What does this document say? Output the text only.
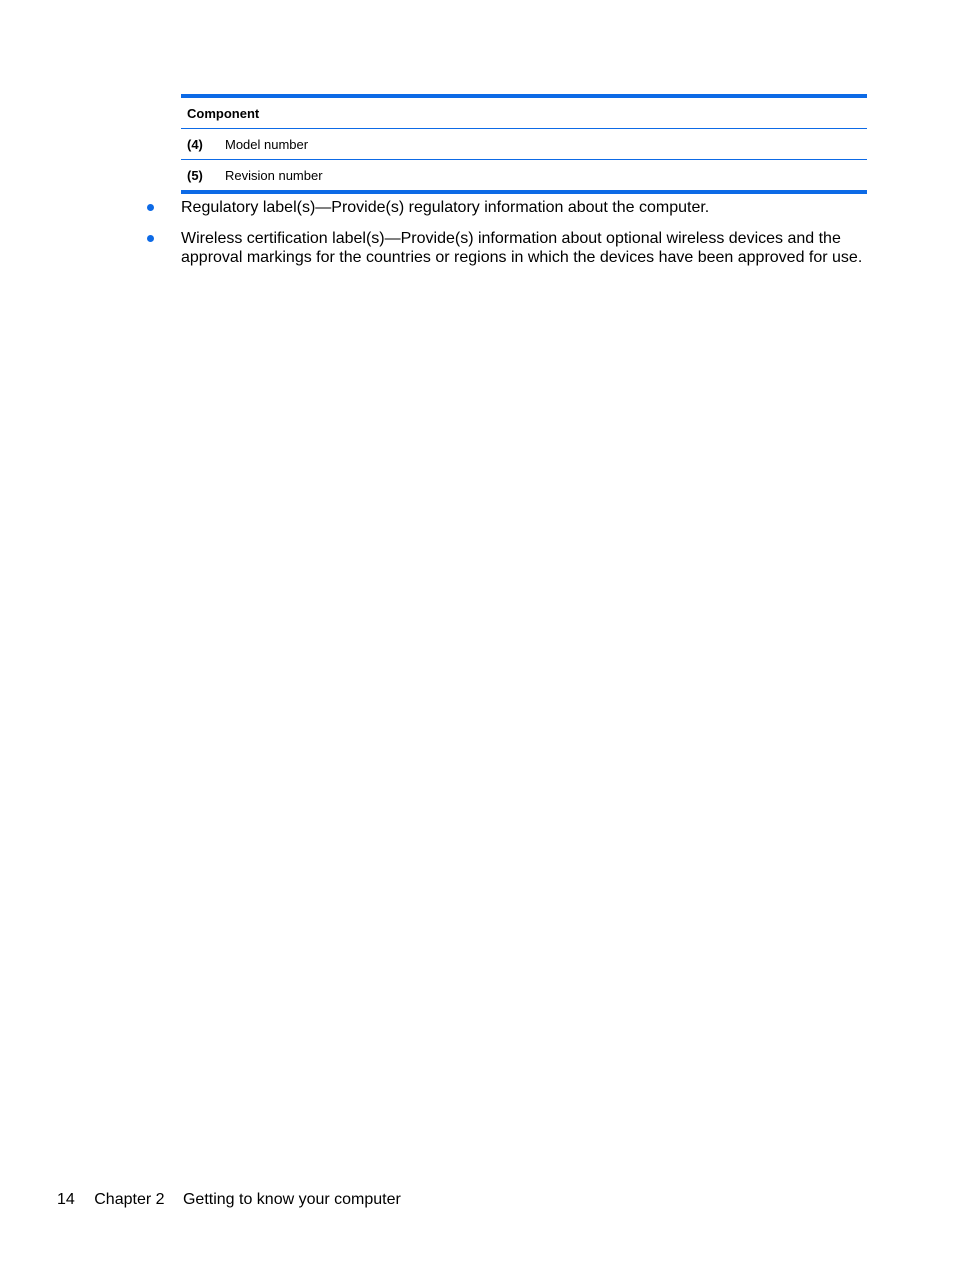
Component
(4)	Model number
(5)	Revision number
Regulatory label(s)—Provide(s) regulatory information about the computer.
Wireless certification label(s)—Provide(s) information about optional wireless devices and the approval markings for the countries or regions in which the devices have been approved for use.
14 Chapter 2 Getting to know your computer
